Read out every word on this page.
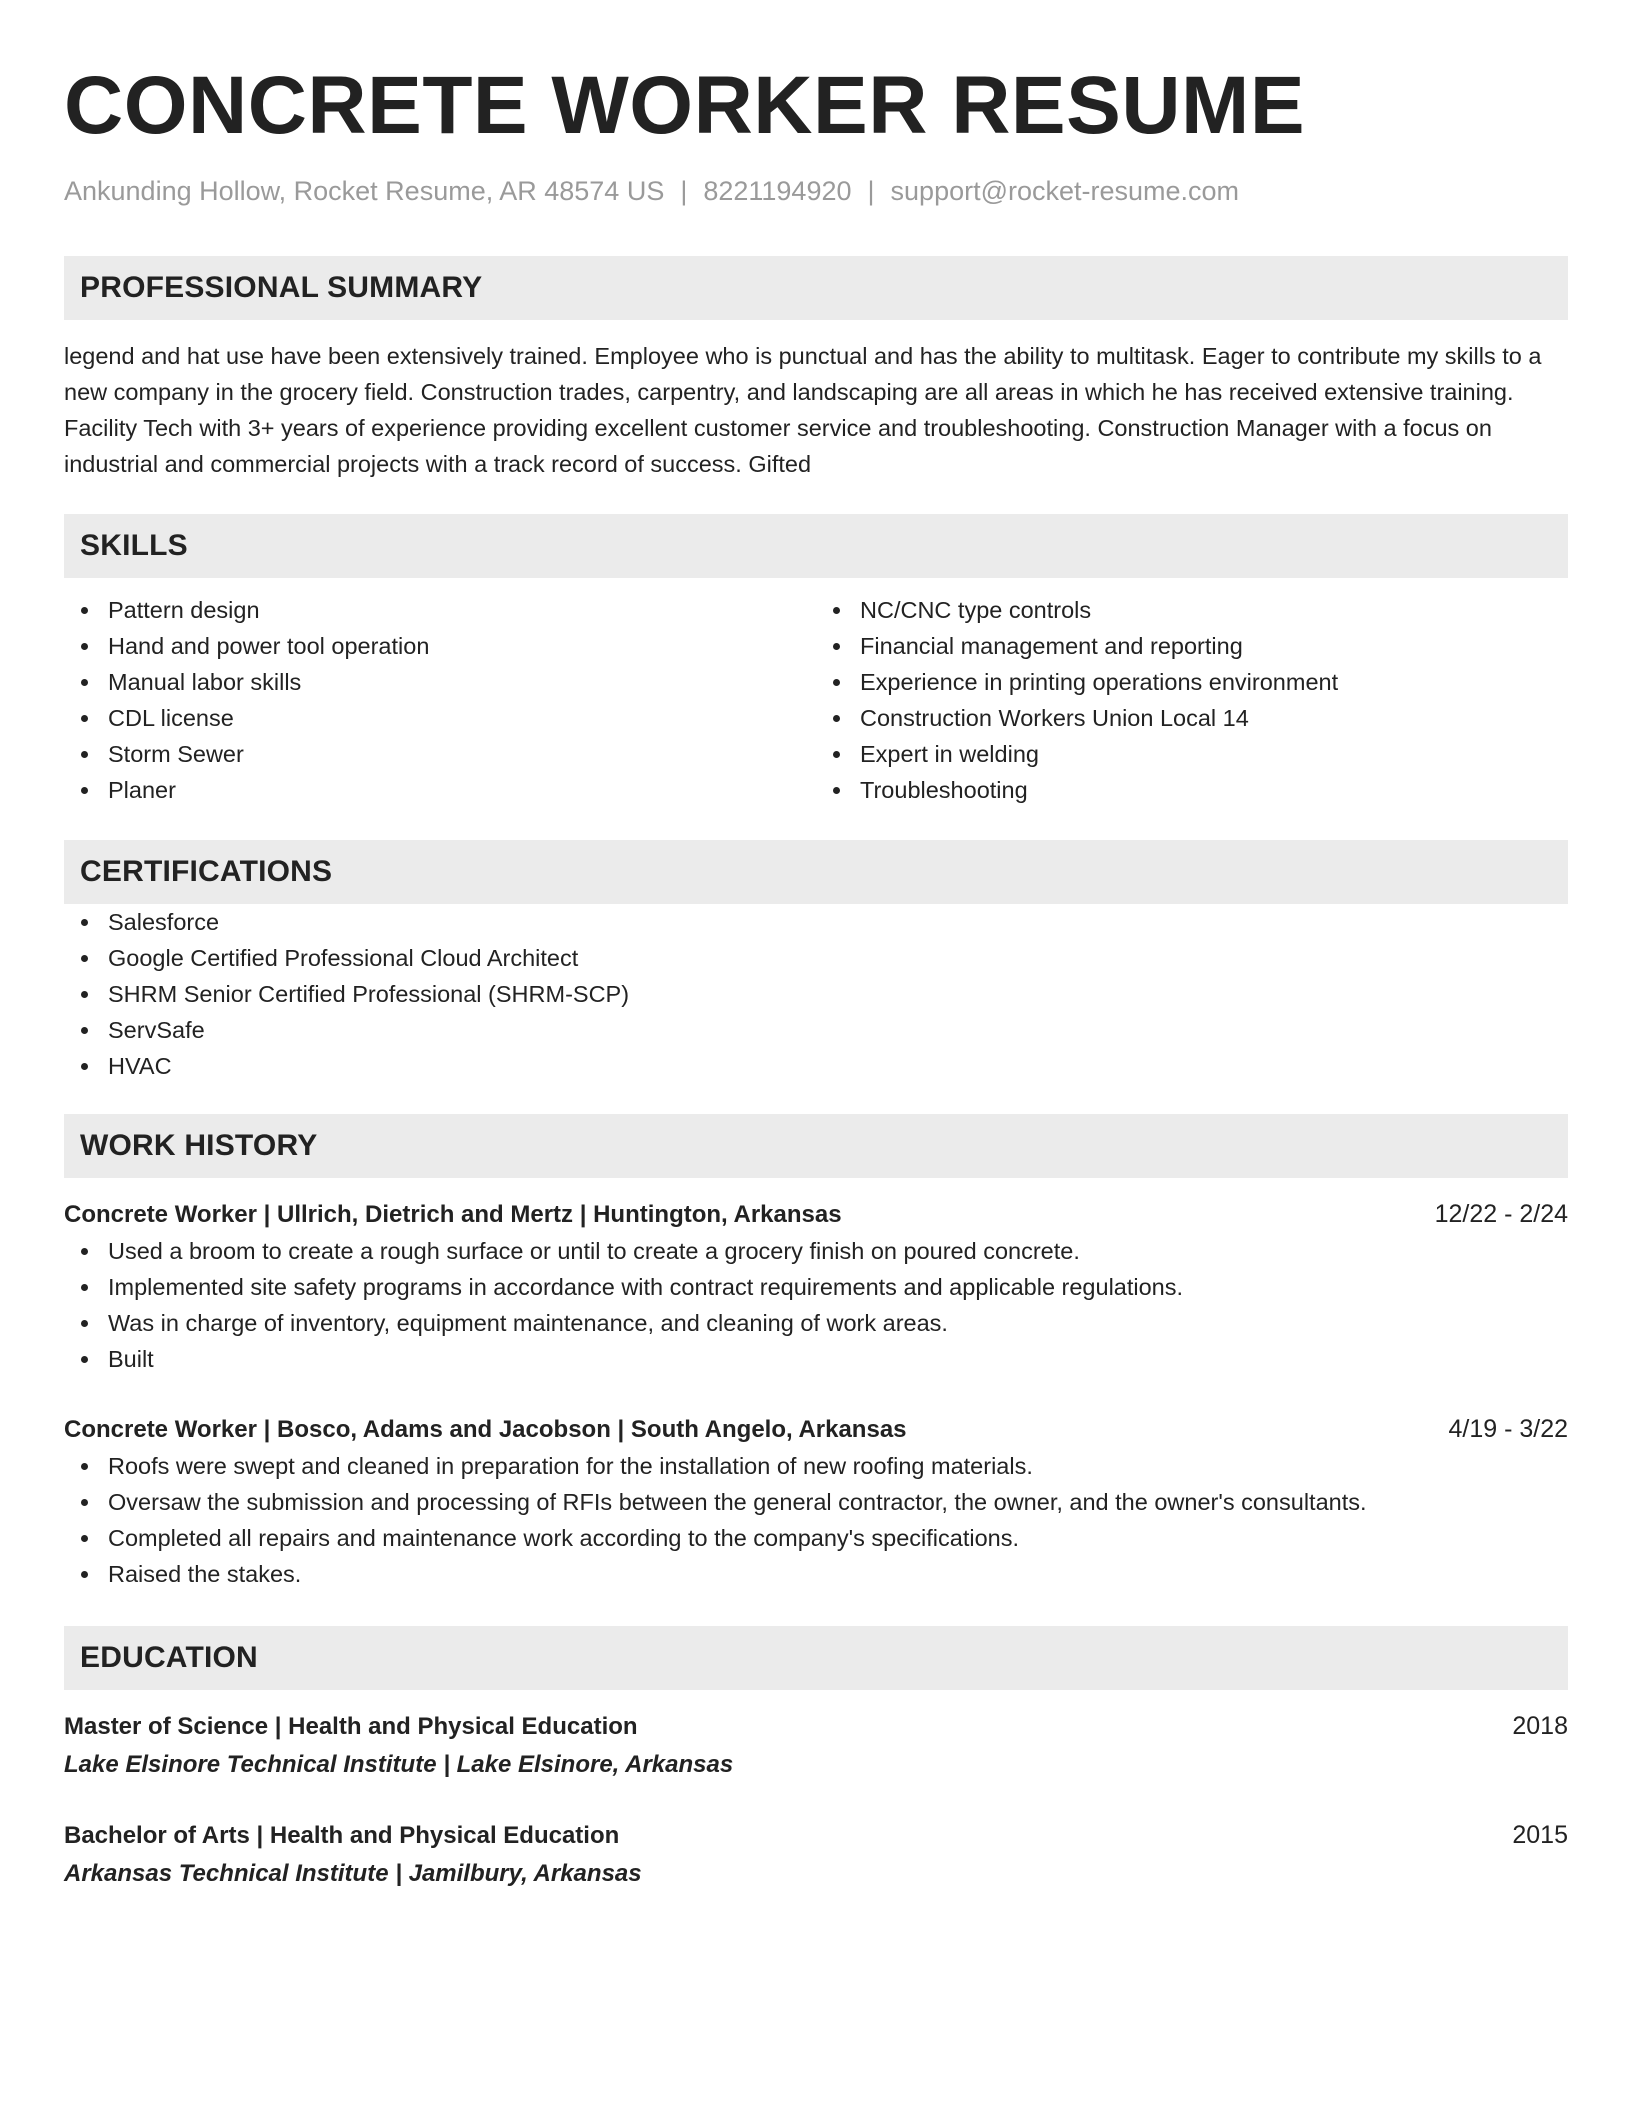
CONCRETE WORKER RESUME
Ankunding Hollow, Rocket Resume, AR 48574 US | 8221194920 | support@rocket-resume.com
PROFESSIONAL SUMMARY

legend and hat use have been extensively trained. Employee who is punctual and has the ability to multitask. Eager to contribute my skills to a new company in the grocery field. Construction trades, carpentry, and landscaping are all areas in which he has received extensive training. Facility Tech with 3+ years of experience providing excellent customer service and troubleshooting. Construction Manager with a focus on industrial and commercial projects with a track record of success. Gifted

SKILLS
Pattern design
Hand and power tool operation
Manual labor skills
CDL license
Storm Sewer
Planer
NC/CNC type controls
Financial management and reporting
Experience in printing operations environment
Construction Workers Union Local 14
Expert in welding
Troubleshooting
CERTIFICATIONS
Salesforce
Google Certified Professional Cloud Architect
SHRM Senior Certified Professional (SHRM-SCP)
ServSafe
HVAC
WORK HISTORY
Concrete Worker | Ullrich, Dietrich and Mertz | Huntington, Arkansas	12/22 - 2/24
Used a broom to create a rough surface or until to create a grocery finish on poured concrete.
Implemented site safety programs in accordance with contract requirements and applicable regulations.
Was in charge of inventory, equipment maintenance, and cleaning of work areas.
Built
Concrete Worker | Bosco, Adams and Jacobson | South Angelo, Arkansas	4/19 - 3/22
Roofs were swept and cleaned in preparation for the installation of new roofing materials.
Oversaw the submission and processing of RFIs between the general contractor, the owner, and the owner's consultants.
Completed all repairs and maintenance work according to the company's specifications.
Raised the stakes.
EDUCATION
Master of Science | Health and Physical Education	2018
Lake Elsinore Technical Institute | Lake Elsinore, Arkansas
Bachelor of Arts | Health and Physical Education	2015
Arkansas Technical Institute | Jamilbury, Arkansas
